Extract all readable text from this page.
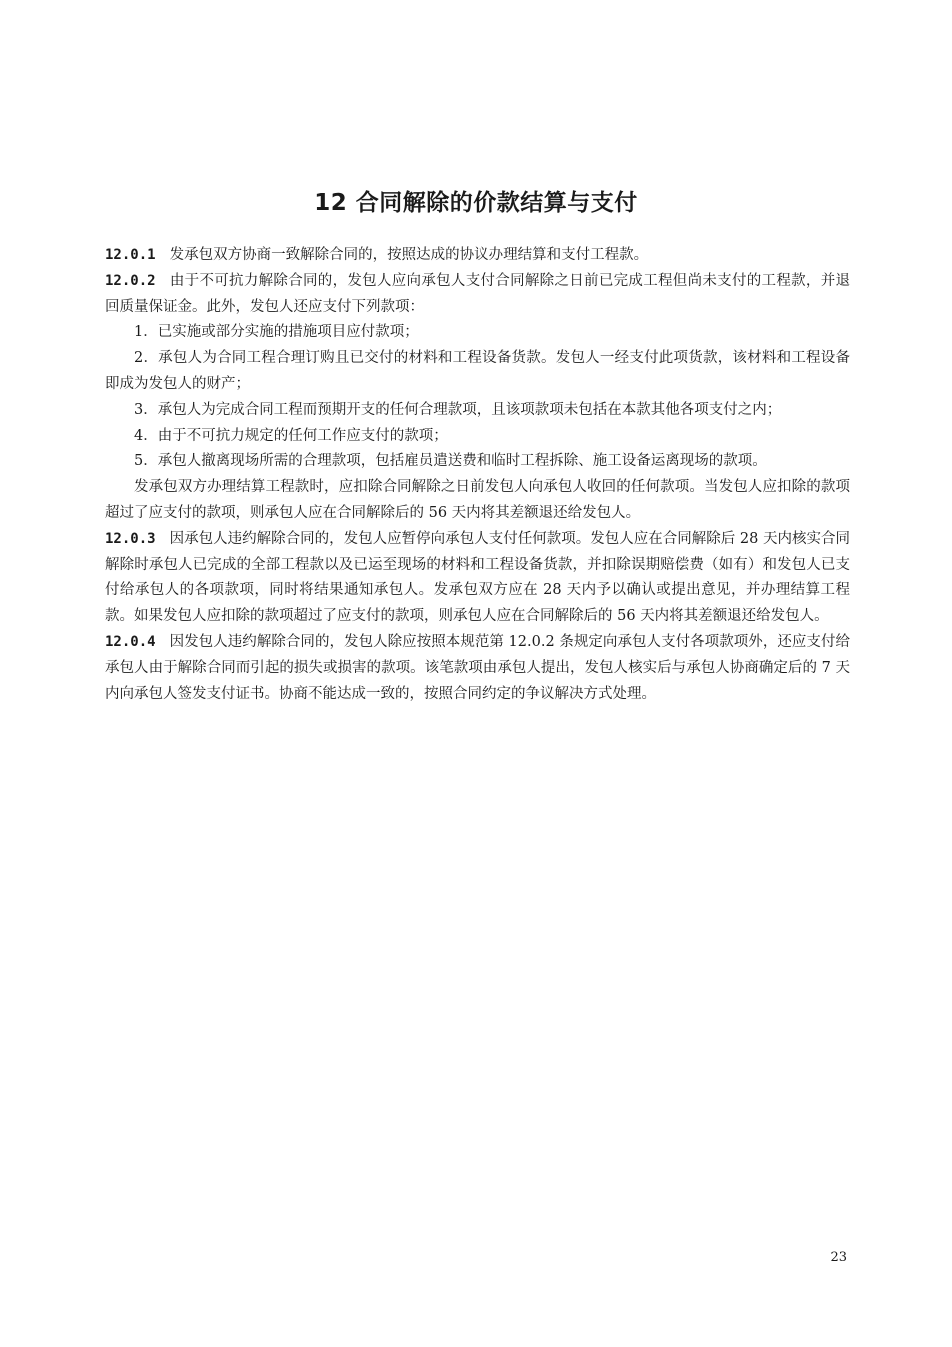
12 合同解除的价款结算与支付

12.0.1 发承包双方协商一致解除合同的，按照达成的协议办理结算和支付工程款。

12.0.2 由于不可抗力解除合同的，发包人应向承包人支付合同解除之日前已完成工程但尚未支付的工程款，并退回质量保证金。此外，发包人还应支付下列款项：

1．已实施或部分实施的措施项目应付款项；

2．承包人为合同工程合理订购且已交付的材料和工程设备货款。发包人一经支付此项货款，该材料和工程设备即成为发包人的财产；

3．承包人为完成合同工程而预期开支的任何合理款项，且该项款项未包括在本款其他各项支付之内；

4．由于不可抗力规定的任何工作应支付的款项；

5．承包人撤离现场所需的合理款项，包括雇员遣送费和临时工程拆除、施工设备运离现场的款项。

发承包双方办理结算工程款时，应扣除合同解除之日前发包人向承包人收回的任何款项。当发包人应扣除的款项超过了应支付的款项，则承包人应在合同解除后的 56 天内将其差额退还给发包人。

12.0.3 因承包人违约解除合同的，发包人应暂停向承包人支付任何款项。发包人应在合同解除后 28 天内核实合同解除时承包人已完成的全部工程款以及已运至现场的材料和工程设备货款，并扣除误期赔偿费（如有）和发包人已支付给承包人的各项款项，同时将结果通知承包人。发承包双方应在 28 天内予以确认或提出意见，并办理结算工程款。如果发包人应扣除的款项超过了应支付的款项，则承包人应在合同解除后的 56 天内将其差额退还给发包人。

12.0.4 因发包人违约解除合同的，发包人除应按照本规范第 12.0.2 条规定向承包人支付各项款项外，还应支付给承包人由于解除合同而引起的损失或损害的款项。该笔款项由承包人提出，发包人核实后与承包人协商确定后的 7 天内向承包人签发支付证书。协商不能达成一致的，按照合同约定的争议解决方式处理。

23
